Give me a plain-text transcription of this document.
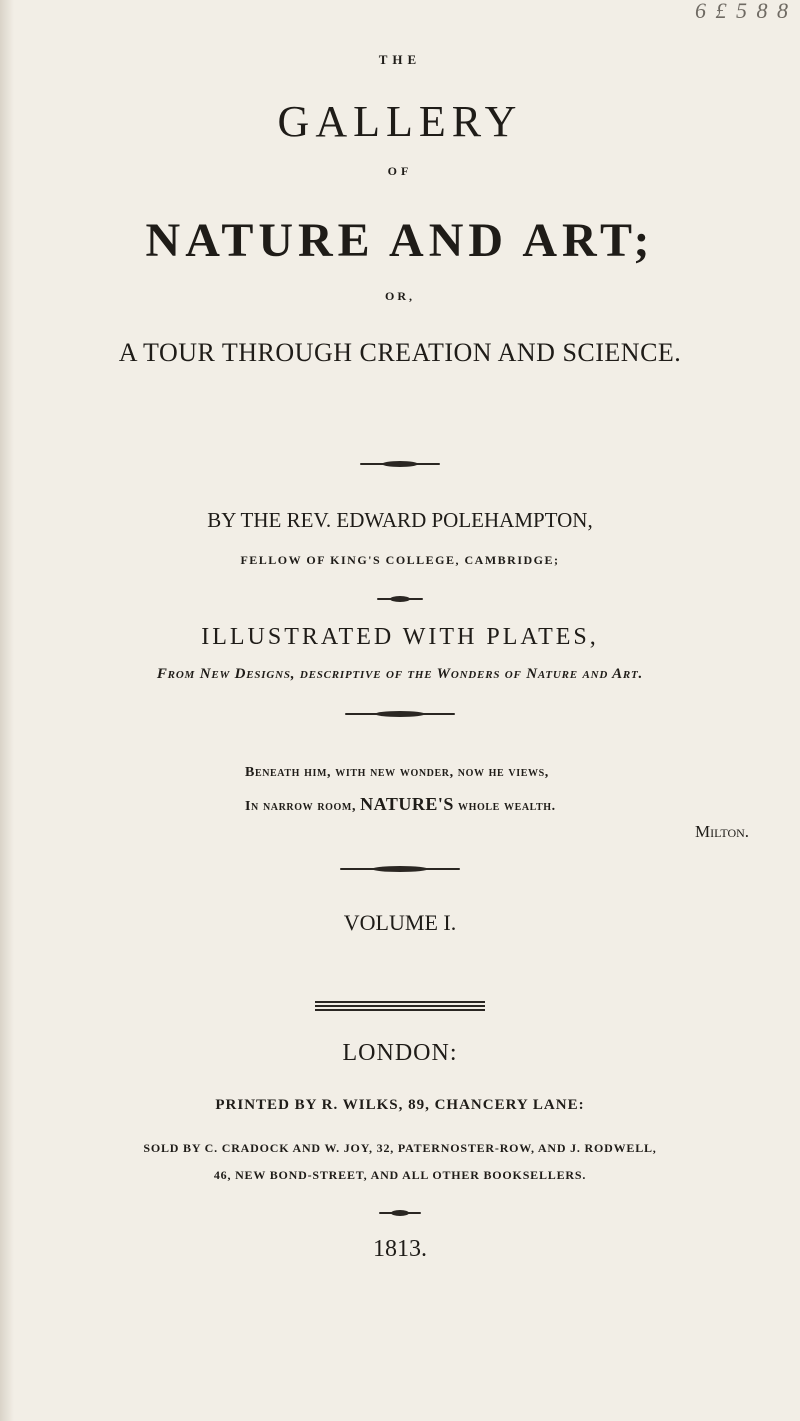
6 £ 5 8 8
THE
GALLERY
OF
NATURE AND ART;
OR,
A TOUR THROUGH CREATION AND SCIENCE.
BY THE REV. EDWARD POLEHAMPTON,
FELLOW OF KING'S COLLEGE, CAMBRIDGE;
ILLUSTRATED WITH PLATES,
From New Designs, descriptive of the Wonders of Nature and Art.
Beneath him, with new wonder, now he views,
In narrow room, NATURE'S whole wealth.
Milton.
VOLUME I.
LONDON:
PRINTED BY R. WILKS, 89, CHANCERY LANE:
SOLD BY C. CRADOCK AND W. JOY, 32, PATERNOSTER-ROW, AND J. RODWELL,
46, NEW BOND-STREET, AND ALL OTHER BOOKSELLERS.
1813.
